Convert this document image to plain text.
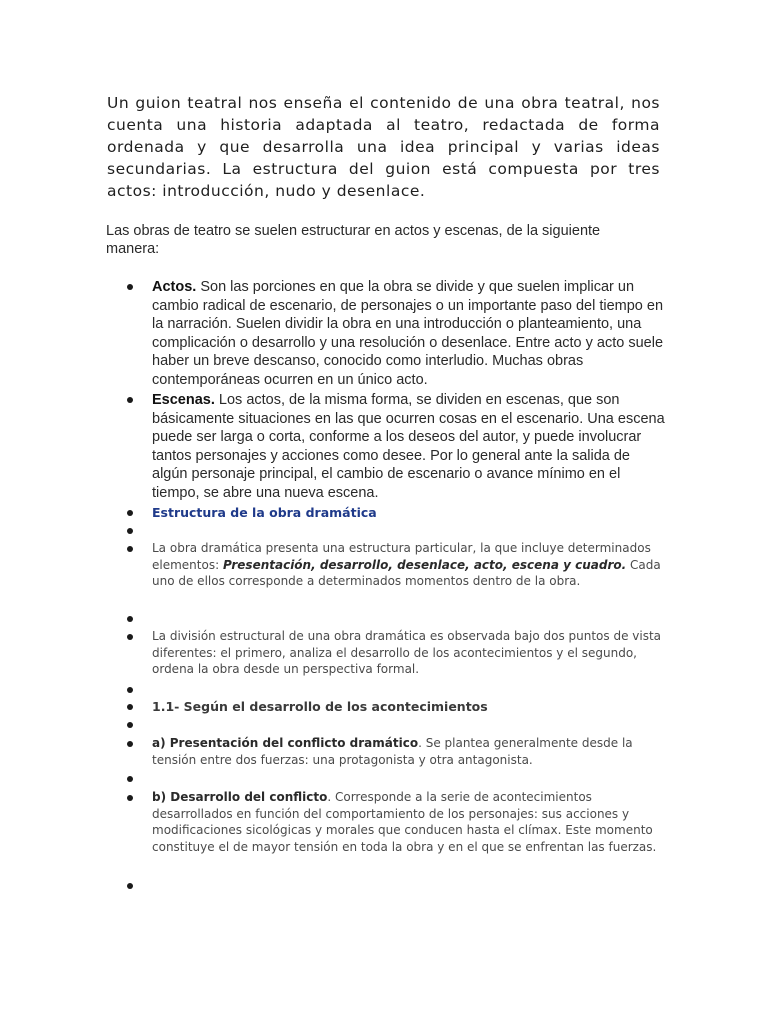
Un guion teatral nos enseña el contenido de una obra teatral, nos cuenta una historia adaptada al teatro, redactada de forma ordenada y que desarrolla una idea principal y varias ideas secundarias. La estructura del guion está compuesta por tres actos: introducción, nudo y desenlace.

Las obras de teatro se suelen estructurar en actos y escenas, de la siguiente manera:

Actos. Son las porciones en que la obra se divide y que suelen implicar un cambio radical de escenario, de personajes o un importante paso del tiempo en la narración. Suelen dividir la obra en una introducción o planteamiento, una complicación o desarrollo y una resolución o desenlace. Entre acto y acto suele haber un breve descanso, conocido como interludio. Muchas obras contemporáneas ocurren en un único acto.
Escenas. Los actos, de la misma forma, se dividen en escenas, que son básicamente situaciones en las que ocurren cosas en el escenario. Una escena puede ser larga o corta, conforme a los deseos del autor, y puede involucrar tantos personajes y acciones como desee. Por lo general ante la salida de algún personaje principal, el cambio de escenario o avance mínimo en el tiempo, se abre una nueva escena.
Estructura de la obra dramática
La obra dramática presenta una estructura particular, la que incluye determinados elementos: Presentación, desarrollo, desenlace, acto, escena y cuadro. Cada uno de ellos corresponde a determinados momentos dentro de la obra.
La división estructural de una obra dramática es observada bajo dos puntos de vista diferentes: el primero, analiza el desarrollo de los acontecimientos y el segundo, ordena la obra desde un perspectiva formal.
1.1- Según el desarrollo de los acontecimientos
a) Presentación del conflicto dramático. Se plantea generalmente desde la tensión entre dos fuerzas: una protagonista y otra antagonista.
b) Desarrollo del conflicto. Corresponde a la serie de acontecimientos desarrollados en función del comportamiento de los personajes: sus acciones y modificaciones sicológicas y morales que conducen hasta el clímax. Este momento constituye el de mayor tensión en toda la obra y en el que se enfrentan las fuerzas.
